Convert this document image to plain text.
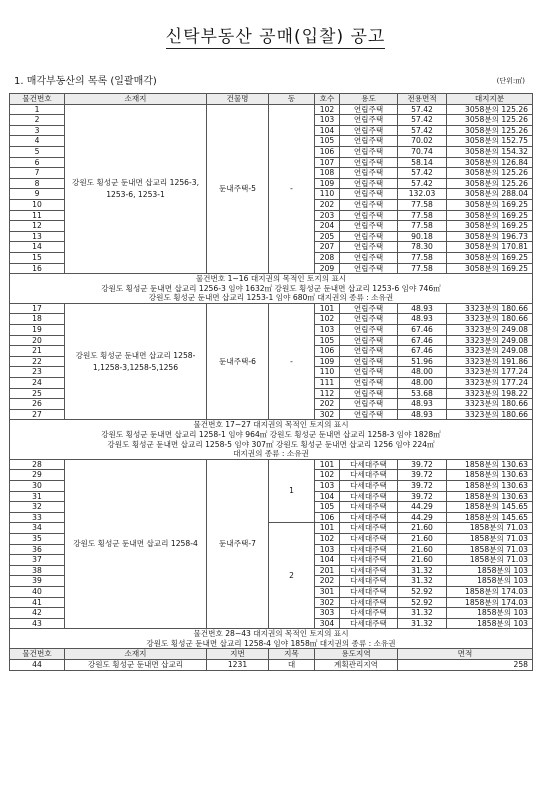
신탁부동산 공매(입찰) 공고
1. 매각부동산의 목록 (일괄매각)	(단위:㎡)
물건번호	소재지	건물명	동	호수	용도	전용면적	대지지분
1	강원도 횡성군 둔내면 삽교리 1256-3, 1253-6, 1253-1	둔내주택-5	-	102	연립주택	57.42	3058분의 125.26
2				103	연립주택	57.42	3058분의 125.26
3				104	연립주택	57.42	3058분의 125.26
4				105	연립주택	70.02	3058분의 152.75
5				106	연립주택	70.74	3058분의 154.32
6				107	연립주택	58.14	3058분의 126.84
7				108	연립주택	57.42	3058분의 125.26
8				109	연립주택	57.42	3058분의 125.26
9				110	연립주택	132.03	3058분의 288.04
10				202	연립주택	77.58	3058분의 169.25
11				203	연립주택	77.58	3058분의 169.25
12				204	연립주택	77.58	3058분의 169.25
13				205	연립주택	90.18	3058분의 196.73
14				207	연립주택	78.30	3058분의 170.81
15				208	연립주택	77.58	3058분의 169.25
16				209	연립주택	77.58	3058분의 169.25
물건번호 1~16 대지권의 목적인 토지의 표시							
강원도 횡성군 둔내면 삽교리 1256-3 임야 1632㎡ 강원도 횡성군 둔내면 삽교리 1253-6 임야 746㎡							
강원도 횡성군 둔내면 삽교리 1253-1 임야 680㎡ 대지권의 종류 : 소유권							
17	강원도 횡성군 둔내면 삽교리 1258-1,1258-3,1258-5,1256	둔내주택-6	-	101	연립주택	48.93	3323분의 180.66
18				102	연립주택	48.93	3323분의 180.66
19				103	연립주택	67.46	3323분의 249.08
20				105	연립주택	67.46	3323분의 249.08
21				106	연립주택	67.46	3323분의 249.08
22				109	연립주택	51.96	3323분의 191.86
23				110	연립주택	48.00	3323분의 177.24
24				111	연립주택	48.00	3323분의 177.24
25				112	연립주택	53.68	3323분의 198.22
26				202	연립주택	48.93	3323분의 180.66
27				302	연립주택	48.93	3323분의 180.66
물건번호 17~27 대지권의 목적인 토지의 표시							
강원도 횡성군 둔내면 삽교리 1258-1 임야 964㎡ 강원도 횡성군 둔내면 삽교리 1258-3 임야 1828㎡							
강원도 횡성군 둔내면 삽교리 1258-5 임야 307㎡ 강원도 횡성군 둔내면 삽교리 1256 임야 224㎡							
대지권의 종류 : 소유권							
28	강원도 횡성군 둔내면 삽교리 1258-4	둔내주택-7	1	101	다세대주택	39.72	1858분의 130.63
29				102	다세대주택	39.72	1858분의 130.63
30				103	다세대주택	39.72	1858분의 130.63
31				104	다세대주택	39.72	1858분의 130.63
32				105	다세대주택	44.29	1858분의 145.65
33				106	다세대주택	44.29	1858분의 145.65
34			2	101	다세대주택	21.60	1858분의 71.03
35				102	다세대주택	21.60	1858분의 71.03
36				103	다세대주택	21.60	1858분의 71.03
37				104	다세대주택	21.60	1858분의 71.03
38				201	다세대주택	31.32	1858분의 103
39				202	다세대주택	31.32	1858분의 103
40				301	다세대주택	52.92	1858분의 174.03
41				302	다세대주택	52.92	1858분의 174.03
42				303	다세대주택	31.32	1858분의 103
43				304	다세대주택	31.32	1858분의 103
물건번호 28~43 대지권의 목적인 토지의 표시							
강원도 횡성군 둔내면 삽교리 1258-4 임야 1858㎡ 대지권의 종류 : 소유권							
물건번호	소재지	지번	지목	용도지역		면적	
44	강원도 횡성군 둔내면 삽교리	1231	대	계획관리지역		258	
